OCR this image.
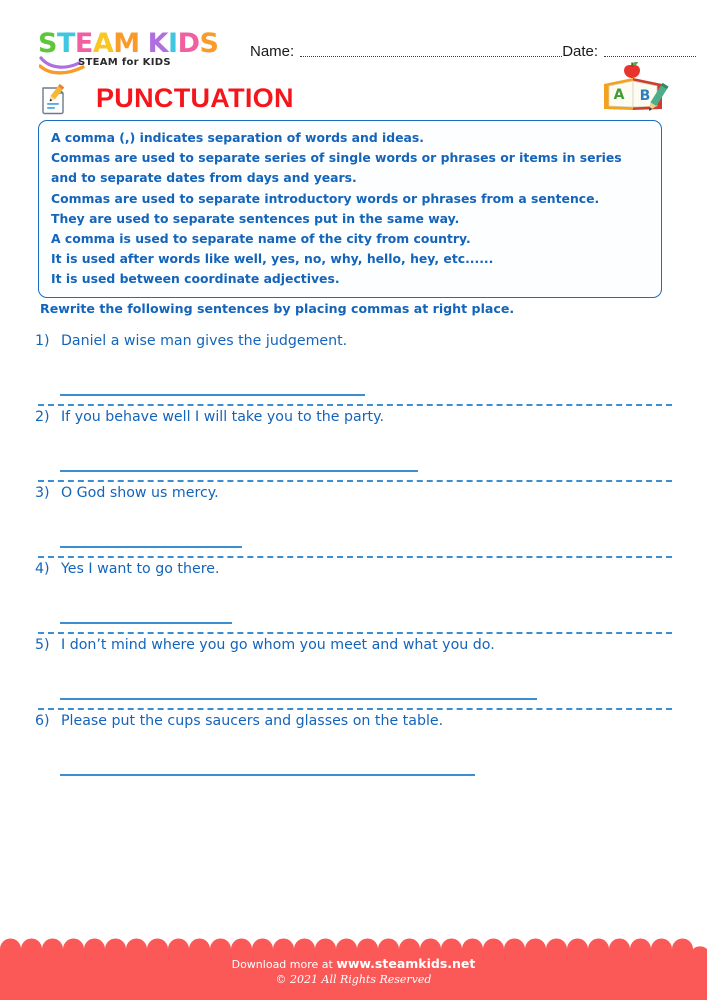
STEAM KIDS
STEAM for KIDS
Name:	Date:
PUNCTUATION	A B
A comma (,) indicates separation of words and ideas.
Commas are used to separate series of single words or phrases or items in series and to separate dates from days and years.
Commas are used to separate introductory words or phrases from a sentence.
They are used to separate sentences put in the same way.
A comma is used to separate name of the city from country.
It is used after words like well, yes, no, why, hello, hey, etc......
It is used between coordinate adjectives.
Rewrite the following sentences by placing commas at right place.
1) Daniel a wise man gives the judgement.
2) If you behave well I will take you to the party.
3) O God show us mercy.
4) Yes I want to go there.
5) I don’t mind where you go whom you meet and what you do.
6) Please put the cups saucers and glasses on the table.
Download more at www.steamkids.net
© 2021 All Rights Reserved
